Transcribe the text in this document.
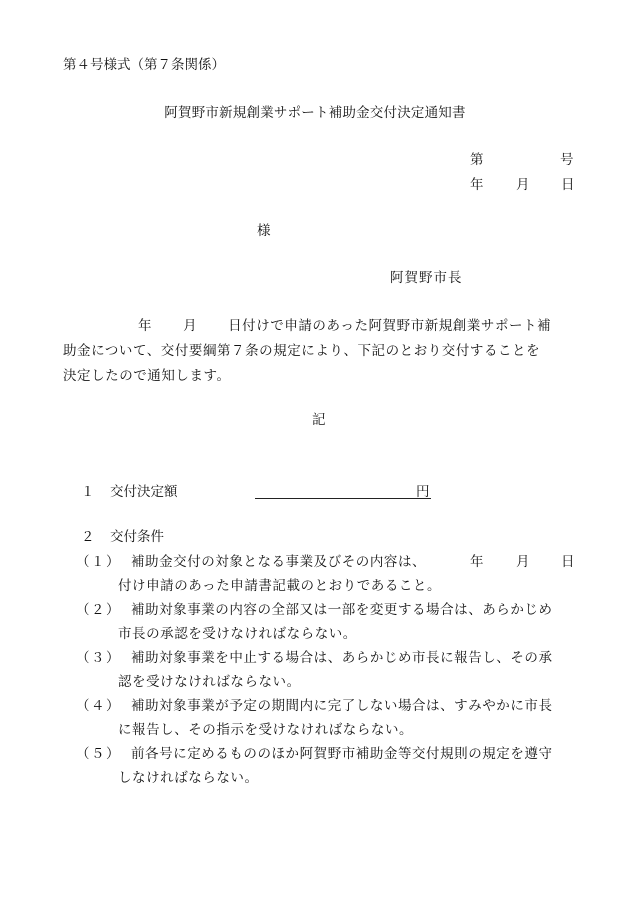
第４号様式（第７条関係）
阿賀野市新規創業サポート補助金交付決定通知書
第	号
年 月 日
様
阿賀野市長
年 月 日付けで申請のあった阿賀野市新規創業サポート補
助金について、交付要綱第７条の規定により、下記のとおり交付することを
決定したので通知します。
記
１ 交付決定額	円
２ 交付条件
（１） 補助金交付の対象となる事業及びその内容は、	年 月 日
付け申請のあった申請書記載のとおりであること。
（２） 補助対象事業の内容の全部又は一部を変更する場合は、あらかじめ
市長の承認を受けなければならない。
（３） 補助対象事業を中止する場合は、あらかじめ市長に報告し、その承
認を受けなければならない。
（４） 補助対象事業が予定の期間内に完了しない場合は、すみやかに市長
に報告し、その指示を受けなければならない。
（５） 前各号に定めるもののほか阿賀野市補助金等交付規則の規定を遵守
しなければならない。
